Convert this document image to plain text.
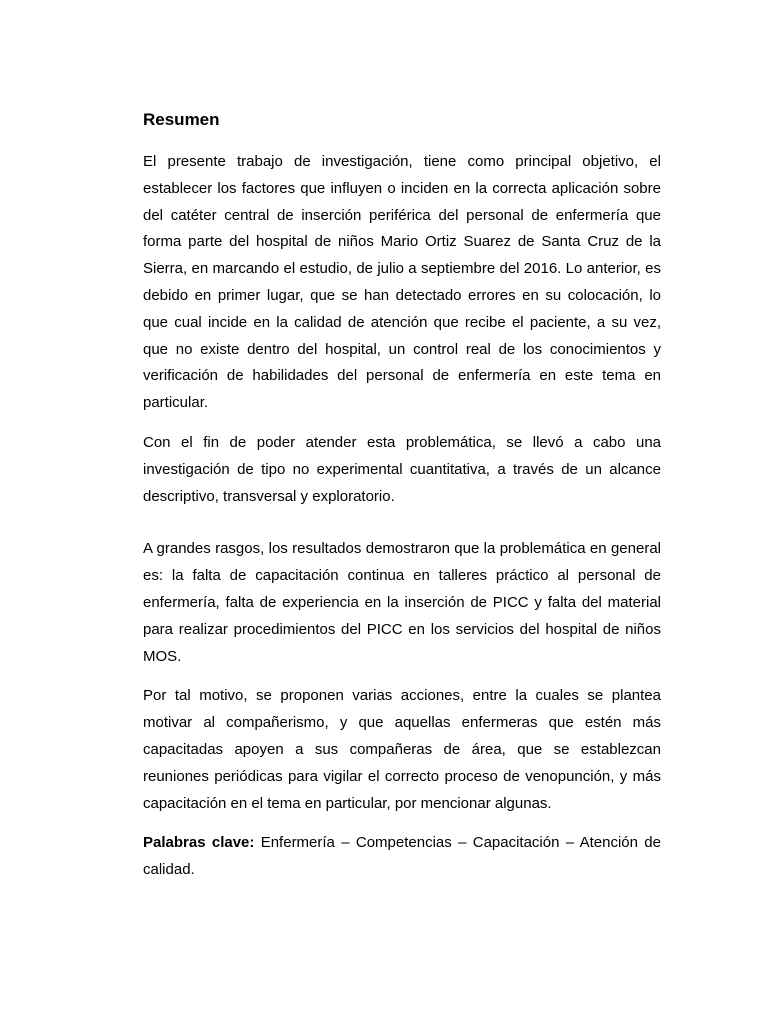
Resumen

El presente trabajo de investigación, tiene como principal objetivo, el establecer los factores que influyen o inciden en la correcta aplicación sobre del catéter central de inserción periférica del personal de enfermería que forma parte del hospital de niños Mario Ortiz Suarez de Santa Cruz de la Sierra, en marcando el estudio, de julio a septiembre del 2016. Lo anterior, es debido en primer lugar, que se han detectado errores en su colocación, lo que cual incide en la calidad de atención que recibe el paciente, a su vez, que no existe dentro del hospital, un control real de los conocimientos y verificación de habilidades del personal de enfermería en este tema en particular.

Con el fin de poder atender esta problemática, se llevó a cabo una investigación de tipo no experimental cuantitativa, a través de un alcance descriptivo, transversal y exploratorio.

A grandes rasgos, los resultados demostraron que la problemática en general es: la falta de capacitación continua en talleres práctico al personal de enfermería, falta de experiencia en la inserción de PICC y falta del material para realizar procedimientos del PICC en los servicios del hospital de niños MOS.

Por tal motivo, se proponen varias acciones, entre la cuales se plantea motivar al compañerismo, y que aquellas enfermeras que estén más capacitadas apoyen a sus compañeras de área, que se establezcan reuniones periódicas para vigilar el correcto proceso de venopunción, y más capacitación en el tema en particular, por mencionar algunas.

Palabras clave: Enfermería – Competencias – Capacitación – Atención de calidad.
